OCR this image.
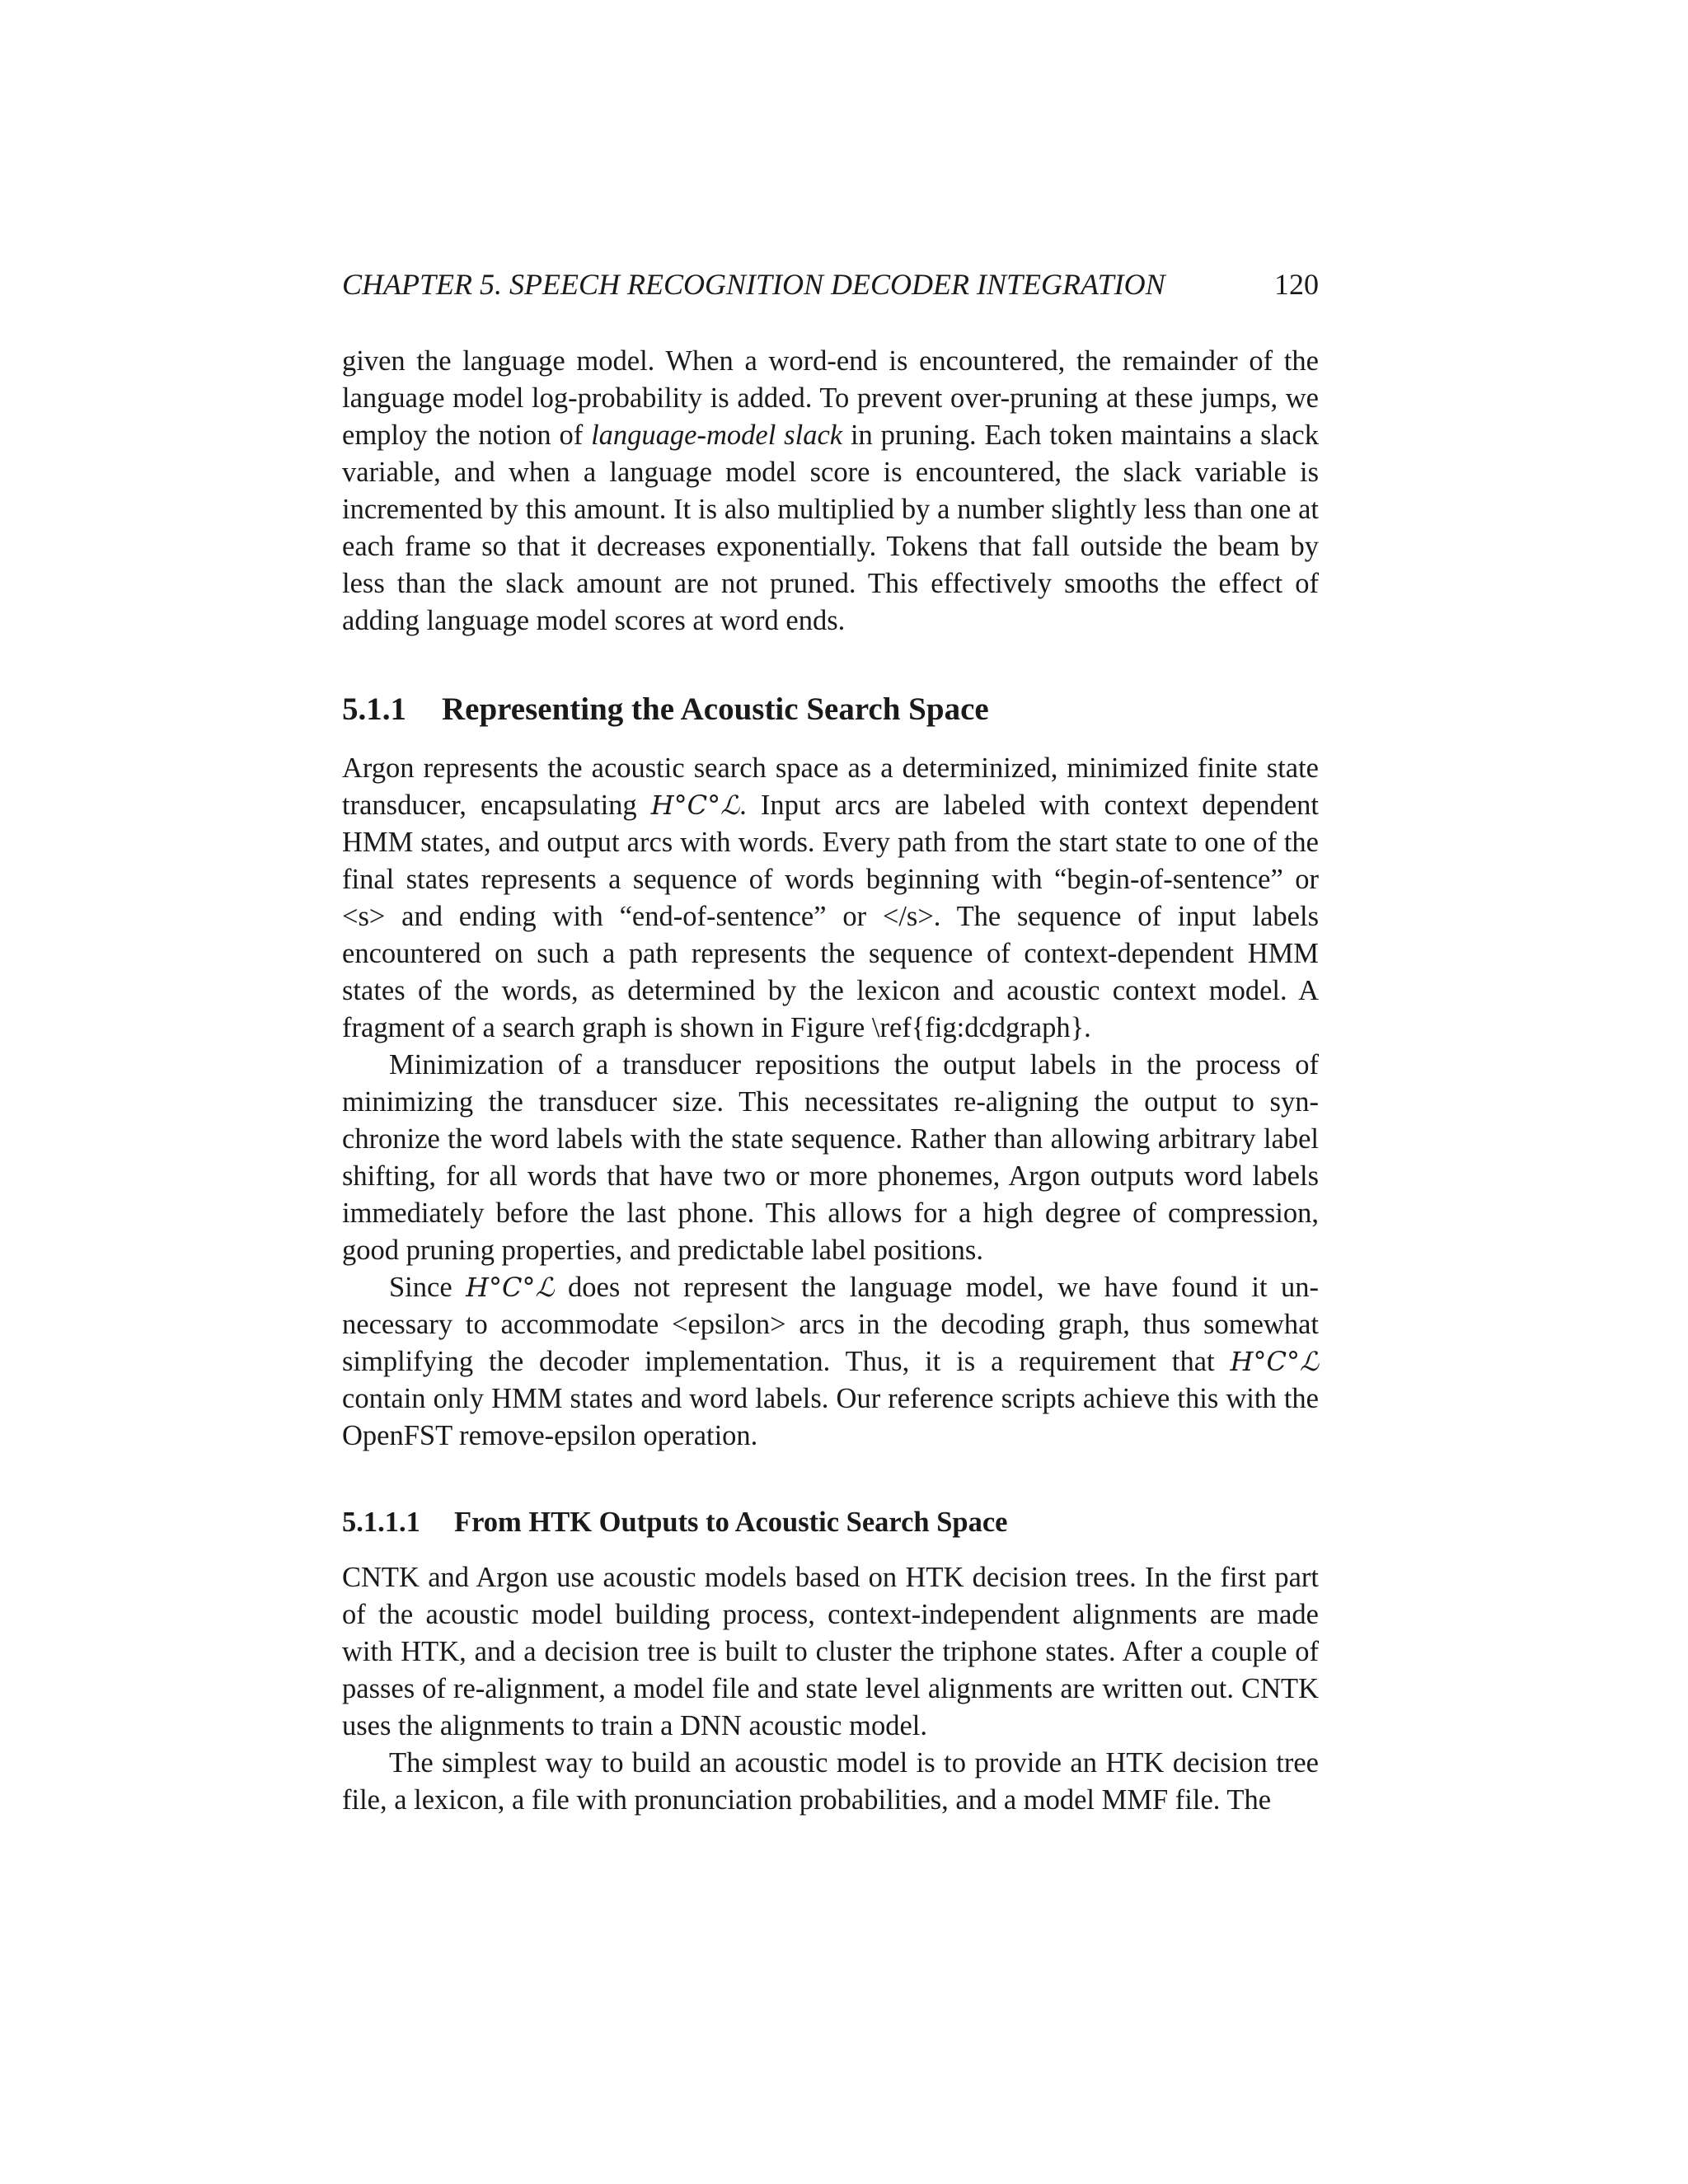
CHAPTER 5. SPEECH RECOGNITION DECODER INTEGRATION	120

given the language model. When a word-end is encountered, the remainder of the language model log-probability is added. To prevent over-pruning at these jumps, we employ the notion of language-model slack in pruning. Each token maintains a slack variable, and when a language model score is encountered, the slack variable is incremented by this amount. It is also multiplied by a number slightly less than one at each frame so that it decreases exponentially. Tokens that fall outside the beam by less than the slack amount are not pruned. This effectively smooths the effect of adding language model scores at word ends.

5.1.1	Representing the Acoustic Search Space

Argon represents the acoustic search space as a determinized, minimized finite state transducer, encapsulating H°C°ℒ. Input arcs are labeled with context dependent HMM states, and output arcs with words. Every path from the start state to one of the final states represents a sequence of words beginning with “begin-of-sentence” or <s> and ending with “end-of-sentence” or </s>. The sequence of input labels encountered on such a path represents the sequence of context-dependent HMM states of the words, as determined by the lexicon and acoustic context model. A fragment of a search graph is shown in Figure \ref{fig:dcdgraph}.

Minimization of a transducer repositions the output labels in the process of minimizing the transducer size. This necessitates re-aligning the output to synchronize the word labels with the state sequence. Rather than allowing arbitrary label shifting, for all words that have two or more phonemes, Argon outputs word labels immediately before the last phone. This allows for a high degree of compression, good pruning properties, and predictable label positions.

Since H°C°ℒ does not represent the language model, we have found it unnecessary to accommodate <epsilon> arcs in the decoding graph, thus somewhat simplifying the decoder implementation. Thus, it is a requirement that H°C°ℒ contain only HMM states and word labels. Our reference scripts achieve this with the OpenFST remove-epsilon operation.

5.1.1.1	From HTK Outputs to Acoustic Search Space

CNTK and Argon use acoustic models based on HTK decision trees. In the first part of the acoustic model building process, context-independent alignments are made with HTK, and a decision tree is built to cluster the triphone states. After a couple of passes of re-alignment, a model file and state level alignments are written out. CNTK uses the alignments to train a DNN acoustic model.

The simplest way to build an acoustic model is to provide an HTK decision tree file, a lexicon, a file with pronunciation probabilities, and a model MMF file. The
